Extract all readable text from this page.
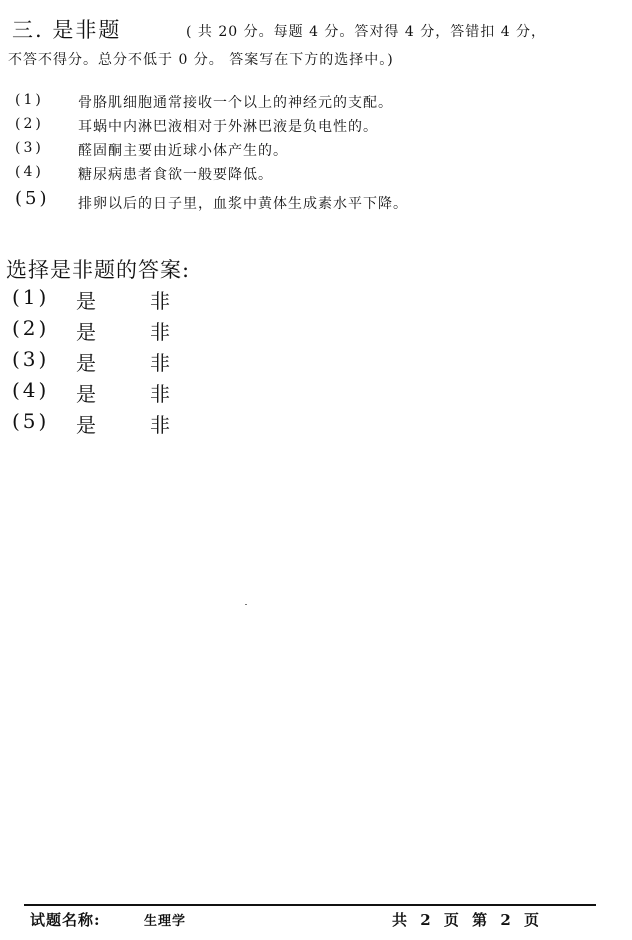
三. 是非题	( 共 20 分。每题 4 分。答对得 4 分，答错扣 4 分，
不答不得分。总分不低于 0 分。 答案写在下方的选择中。)
(1) 骨胳肌细胞通常接收一个以上的神经元的支配。
(2) 耳蜗中内淋巴液相对于外淋巴液是负电性的。
(3) 醛固酮主要由近球小体产生的。
(4) 糖尿病患者食欲一般要降低。
(5) 排卵以后的日子里，血浆中黄体生成素水平下降。
选择是非题的答案:
(1) 是	非
(2) 是	非
(3) 是	非
(4) 是	非
(5) 是	非
试题名称:	生理学	共 2 页 第 2 页
